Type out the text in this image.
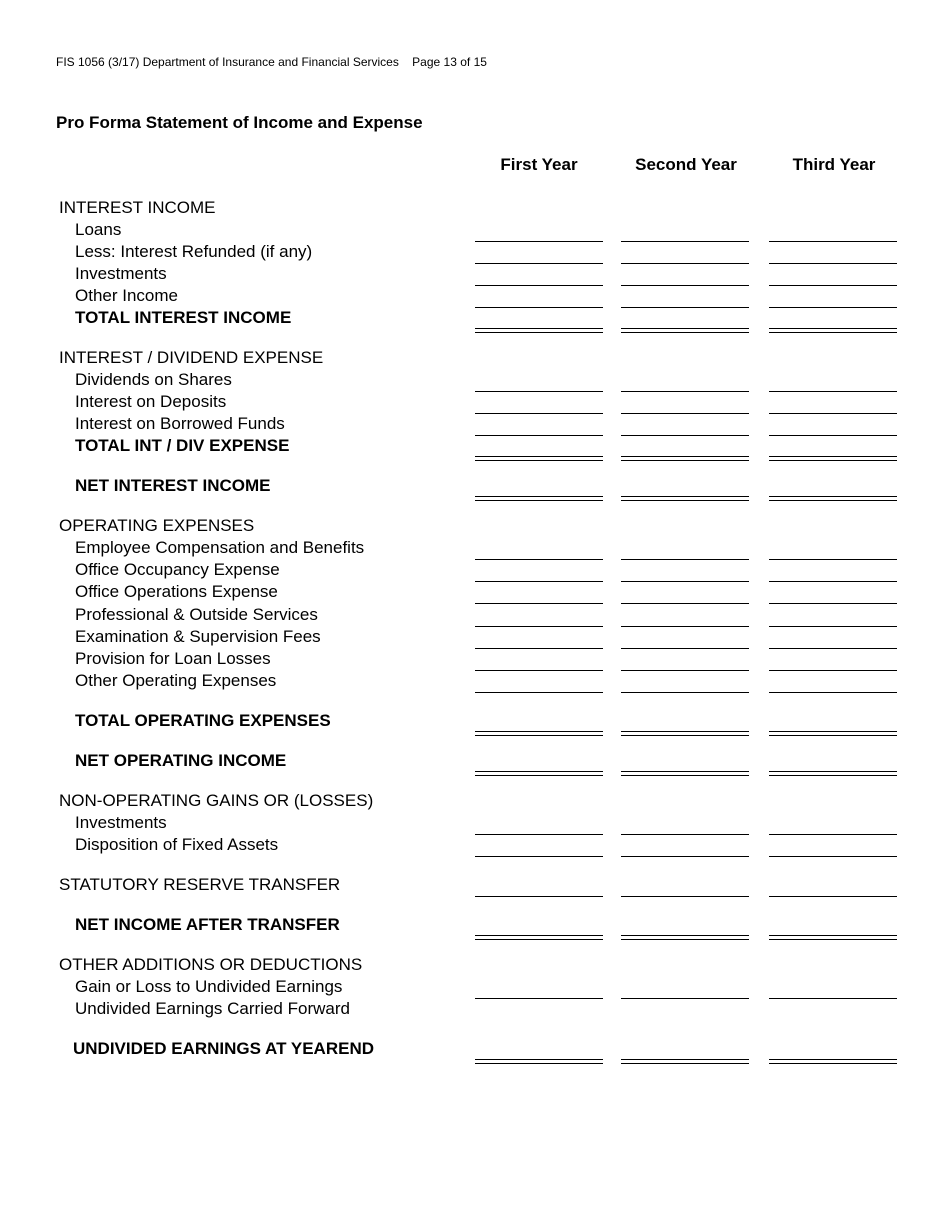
FIS 1056 (3/17) Department of Insurance and Financial Services    Page 13 of 15
Pro Forma Statement of Income and Expense
First Year	Second Year	Third Year
INTEREST INCOME
Loans
Less: Interest Refunded (if any)
Investments
Other Income
TOTAL INTEREST INCOME
INTEREST / DIVIDEND EXPENSE
Dividends on Shares
Interest on Deposits
Interest on Borrowed Funds
TOTAL INT / DIV EXPENSE
NET INTEREST INCOME
OPERATING EXPENSES
Employee Compensation and Benefits
Office Occupancy Expense
Office Operations Expense
Professional & Outside Services
Examination & Supervision Fees
Provision for Loan Losses
Other Operating Expenses
TOTAL OPERATING EXPENSES
NET OPERATING INCOME
NON-OPERATING GAINS OR (LOSSES)
Investments
Disposition of Fixed Assets
STATUTORY RESERVE TRANSFER
NET INCOME AFTER TRANSFER
OTHER ADDITIONS OR DEDUCTIONS
Gain or Loss to Undivided Earnings
Undivided Earnings Carried Forward
UNDIVIDED EARNINGS AT YEAREND
